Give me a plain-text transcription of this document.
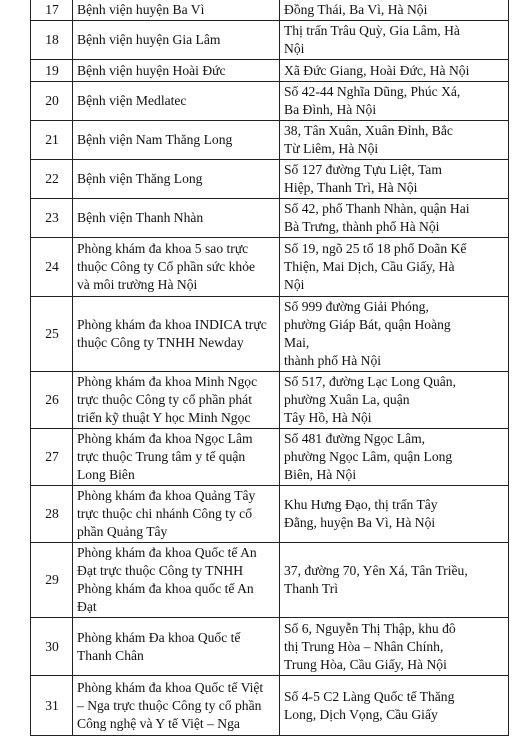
17	Bệnh viện huyện Ba Vì	Đồng Thái, Ba Vì, Hà Nội

18	Bệnh viện huyện Gia Lâm	Thị trấn Trâu Quỳ, Gia Lâm, Hà
Nội

19	Bệnh viện huyện Hoài Đức	Xã Đức Giang, Hoài Đức, Hà Nội

20	Bệnh viện Medlatec	Số 42-44 Nghĩa Dũng, Phúc Xá,
Ba Đình, Hà Nội

21	Bệnh viện Nam Thăng Long	38, Tân Xuân, Xuân Đỉnh, Bắc
Từ Liêm, Hà Nội

22	Bệnh viện Thăng Long	Số 127 đường Tựu Liệt, Tam
Hiệp, Thanh Trì, Hà Nội

23	Bệnh viện Thanh Nhàn	Số 42, phố Thanh Nhàn, quận Hai
Bà Trưng, thành phố Hà Nội

24	Phòng khám đa khoa 5 sao trực
thuộc Công ty Cổ phần sức khỏe
và môi trường Hà Nội	Số 19, ngõ 25 tổ 18 phố Doãn Kế
Thiện, Mai Dịch, Cầu Giấy, Hà
Nội

25	Phòng khám đa khoa INDICA trực
thuộc Công ty TNHH Newday	Số 999 đường Giải Phóng,
phường Giáp Bát, quận Hoàng
Mai,
thành phố Hà Nội

26	Phòng khám đa khoa Minh Ngọc
trực thuộc Công ty cổ phần phát
triển kỹ thuật Y học Minh Ngọc	Số 517, đường Lạc Long Quân,
phường Xuân La, quận
Tây Hồ, Hà Nội

27	Phòng khám đa khoa Ngọc Lâm
trực thuộc Trung tâm y tế quận
Long Biên	Số 481 đường Ngọc Lâm,
phường Ngọc Lâm, quận Long
Biên, Hà Nội

28	Phòng khám đa khoa Quảng Tây
trực thuộc chi nhánh Công ty cổ
phần Quảng Tây	Khu Hưng Đạo, thị trấn Tây
Đằng, huyện Ba Vì, Hà Nội

29	Phòng khám đa khoa Quốc tế An
Đạt trực thuộc Công ty TNHH
Phòng khám đa khoa quốc tế An
Đạt	37, đường 70, Yên Xá, Tân Triều,
Thanh Trì

30	Phòng khám Đa khoa Quốc tế
Thanh Chân	Số 6, Nguyễn Thị Thập, khu đô
thị Trung Hòa – Nhân Chính,
Trung Hòa, Cầu Giấy, Hà Nội

31	Phòng khám đa khoa Quốc tế Việt
– Nga trực thuộc Công ty cổ phần
Công nghệ và Y tế Việt – Nga	Số 4-5 C2 Làng Quốc tế Thăng
Long, Dịch Vọng, Cầu Giấy
